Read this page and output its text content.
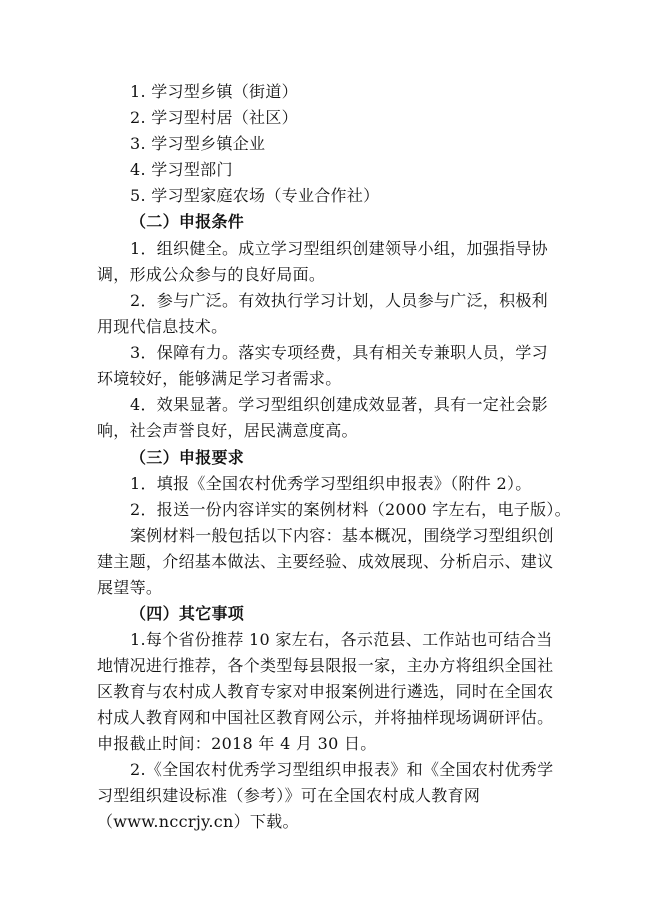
1. 学习型乡镇（街道）
2. 学习型村居（社区）
3. 学习型乡镇企业
4. 学习型部门
5. 学习型家庭农场（专业合作社）
（二）申报条件
1．组织健全。成立学习型组织创建领导小组，加强指导协
调，形成公众参与的良好局面。
2．参与广泛。有效执行学习计划，人员参与广泛，积极利
用现代信息技术。
3．保障有力。落实专项经费，具有相关专兼职人员，学习
环境较好，能够满足学习者需求。
4．效果显著。学习型组织创建成效显著，具有一定社会影
响，社会声誉良好，居民满意度高。
（三）申报要求
1．填报《全国农村优秀学习型组织申报表》（附件 2）。
2．报送一份内容详实的案例材料（2000 字左右，电子版）。
案例材料一般包括以下内容：基本概况，围绕学习型组织创
建主题，介绍基本做法、主要经验、成效展现、分析启示、建议
展望等。
（四）其它事项
1.每个省份推荐 10 家左右，各示范县、工作站也可结合当
地情况进行推荐，各个类型每县限报一家，主办方将组织全国社
区教育与农村成人教育专家对申报案例进行遴选，同时在全国农
村成人教育网和中国社区教育网公示，并将抽样现场调研评估。
申报截止时间：2018 年 4 月 30 日。
2.《全国农村优秀学习型组织申报表》和《全国农村优秀学
习型组织建设标准（参考）》可在全国农村成人教育网
（www.nccrjy.cn）下载。
